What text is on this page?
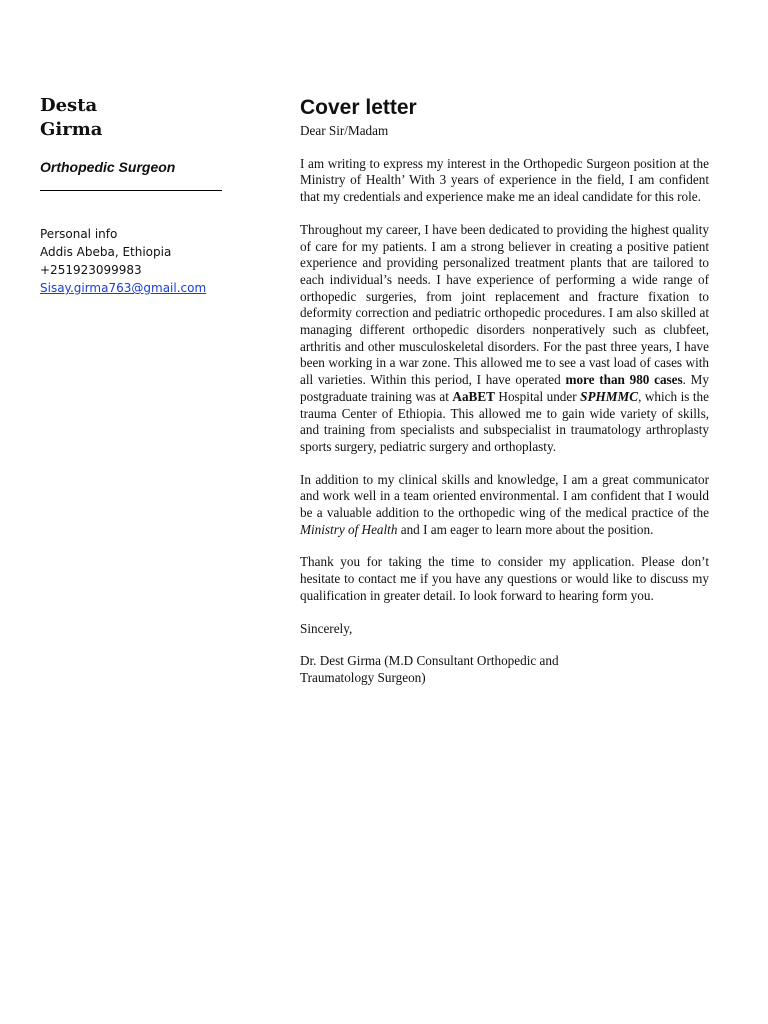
Desta
Girma
Orthopedic Surgeon
Personal info
Addis Abeba, Ethiopia
+251923099983
Sisay.girma763@gmail.com
Cover letter
Dear Sir/Madam
I am writing to express my interest in the Orthopedic Surgeon position at the Ministry of Health’ With 3 years of experience in the field, I am confident that my credentials and experience make me an ideal candidate for this role.
Throughout my career, I have been dedicated to providing the highest quality of care for my patients. I am a strong believer in creating a positive patient experience and providing personalized treatment plants that are tailored to each individual’s needs. I have experience of performing a wide range of orthopedic surgeries, from joint replacement and fracture fixation to deformity correction and pediatric orthopedic procedures. I am also skilled at managing different orthopedic disorders nonperatively such as clubfeet, arthritis and other musculoskeletal disorders. For the past three years, I have been working in a war zone. This allowed me to see a vast load of cases with all varieties. Within this period, I have operated more than 980 cases. My postgraduate training was at AaBET Hospital under SPHMMC, which is the trauma Center of Ethiopia. This allowed me to gain wide variety of skills, and training from specialists and subspecialist in traumatology arthroplasty sports surgery, pediatric surgery and orthoplasty.
In addition to my clinical skills and knowledge, I am a great communicator and work well in a team oriented environmental. I am confident that I would be a valuable addition to the orthopedic wing of the medical practice of the Ministry of Health and I am eager to learn more about the position.
Thank you for taking the time to consider my application. Please don’t hesitate to contact me if you have any questions or would like to discuss my qualification in greater detail. Io look forward to hearing form you.
Sincerely,
Dr. Dest Girma (M.D Consultant Orthopedic and
Traumatology Surgeon)
